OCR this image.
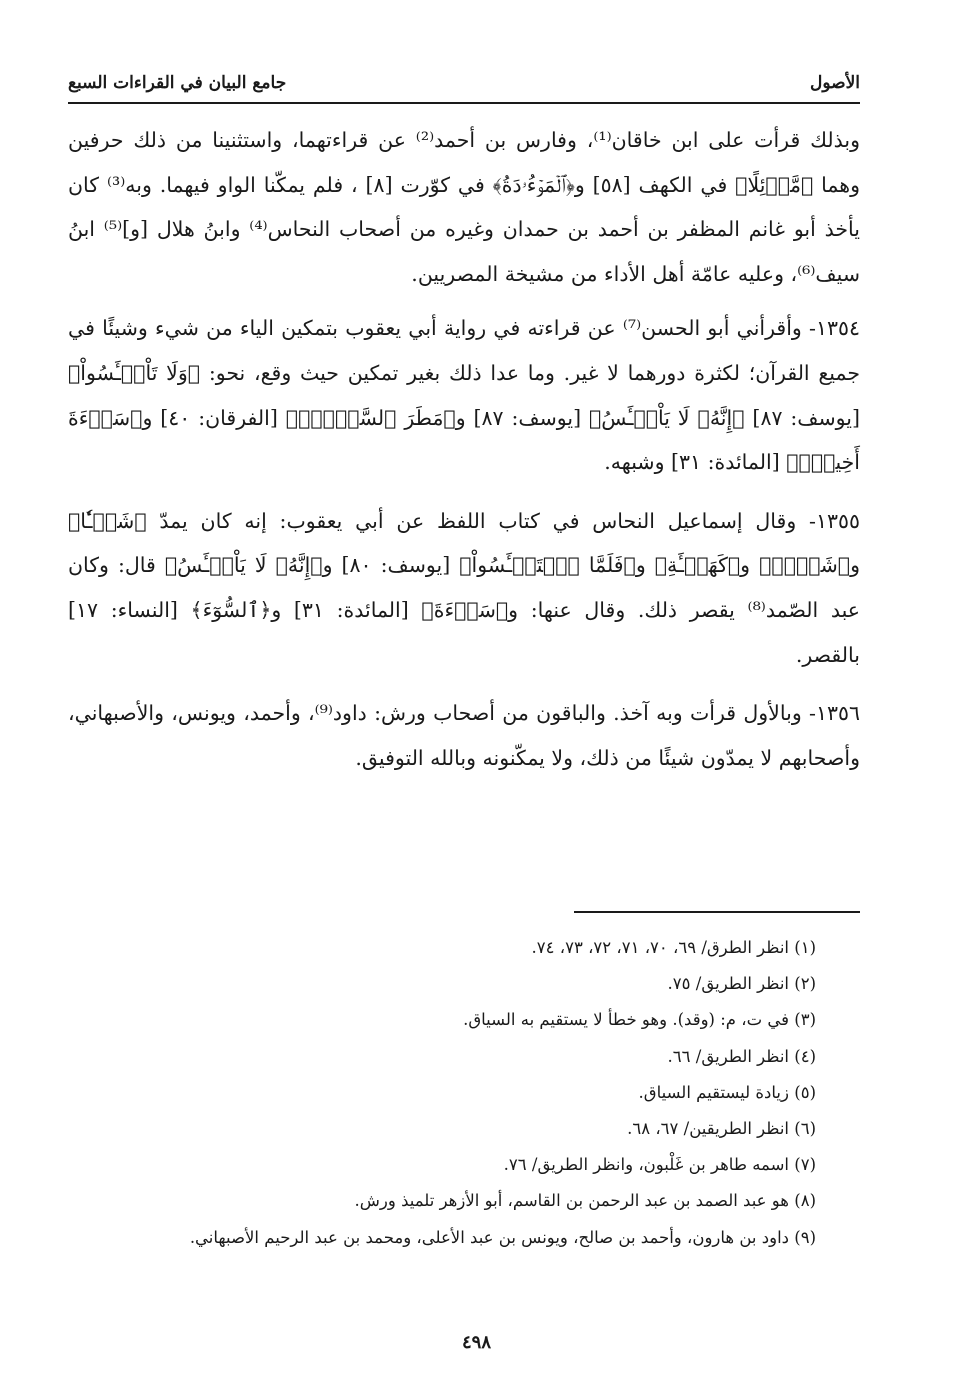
الأصول
جامع البيان في القراءات السبع

وبذلك قرأت على ابن خاقان⁽¹⁾، وفارس بن أحمد⁽²⁾ عن قراءتهما، واستثنينا من ذلك حرفين وهما ﴿مَّوۡئِلًا﴾ في الكهف [٥٨] و﴿ٱلۡمَوۡءُۥدَةُ﴾ في كوّرت [٨] ، فلم يمكّنا الواو فيهما. وبه⁽³⁾ كان يأخذ أبو غانم المظفر بن أحمد بن حمدان وغيره من أصحاب النحاس⁽⁴⁾ وابنُ هلال [و]⁽⁵⁾ ابنُ سيف⁽⁶⁾، وعليه عامّة أهل الأداء من مشيخة المصريين.

١٣٥٤- وأقرأني أبو الحسن⁽⁷⁾ عن قراءته في رواية أبي يعقوب بتمكين الياء من شيء وشيئًا في جميع القرآن؛ لكثرة دورهما لا غير. وما عدا ذلك بغير تمكين حيث وقع، نحو: ﴿وَلَا تَاْيۡـَٔسُواْ﴾ [يوسف: ٨٧] ﴿إِنَّهُۥ لَا يَاْيۡـَٔسُ﴾ [يوسف: ٨٧] و﴿مَطَرَ ٱلسَّوۡءِۚ﴾ [الفرقان: ٤٠] و﴿سَوۡءَةَ أَخِيهِۚ﴾ [المائدة: ٣١] وشبهه.

١٣٥٥- وقال إسماعيل النحاس في كتاب اللفظ عن أبي يعقوب: إنه كان يمدّ ﴿شَيۡـٔٗا﴾ و﴿شَيۡءٖ﴾ و﴿كَهَيۡـَٔةِ﴾ و﴿فَلَمَّا ٱسۡتَيۡـَٔسُواْ﴾ [يوسف: ٨٠] و﴿إِنَّهُۥ لَا يَاْيۡـَٔسُ﴾ قال: وكان عبد الصّمد⁽⁸⁾ يقصر ذلك. وقال عنها: و﴿سَوۡءَةَ﴾ [المائدة: ٣١] و﴿ٱلسُّوٓءَ﴾ [النساء: ١٧] بالقصر.

١٣٥٦- وبالأول قرأت وبه آخذ. والباقون من أصحاب ورش: داود⁽⁹⁾، وأحمد، ويونس، والأصبهاني، وأصحابهم لا يمدّون شيئًا من ذلك، ولا يمكّنونه وبالله التوفيق.

(١) انظر الطرق/ ٦٩، ٧٠، ٧١، ٧٢، ٧٣، ٧٤.

(٢) انظر الطريق/ ٧٥.

(٣) في ت، م: (وقد). وهو خطأ لا يستقيم به السياق.

(٤) انظر الطريق/ ٦٦.

(٥) زيادة ليستقيم السياق.

(٦) انظر الطريقين/ ٦٧، ٦٨.

(٧) اسمه طاهر بن غَلْبون، وانظر الطريق/ ٧٦.

(٨) هو عبد الصمد بن عبد الرحمن بن القاسم، أبو الأزهر تلميذ ورش.

(٩) داود بن هارون، وأحمد بن صالح، ويونس بن عبد الأعلى، ومحمد بن عبد الرحيم الأصبهاني.

٤٩٨
